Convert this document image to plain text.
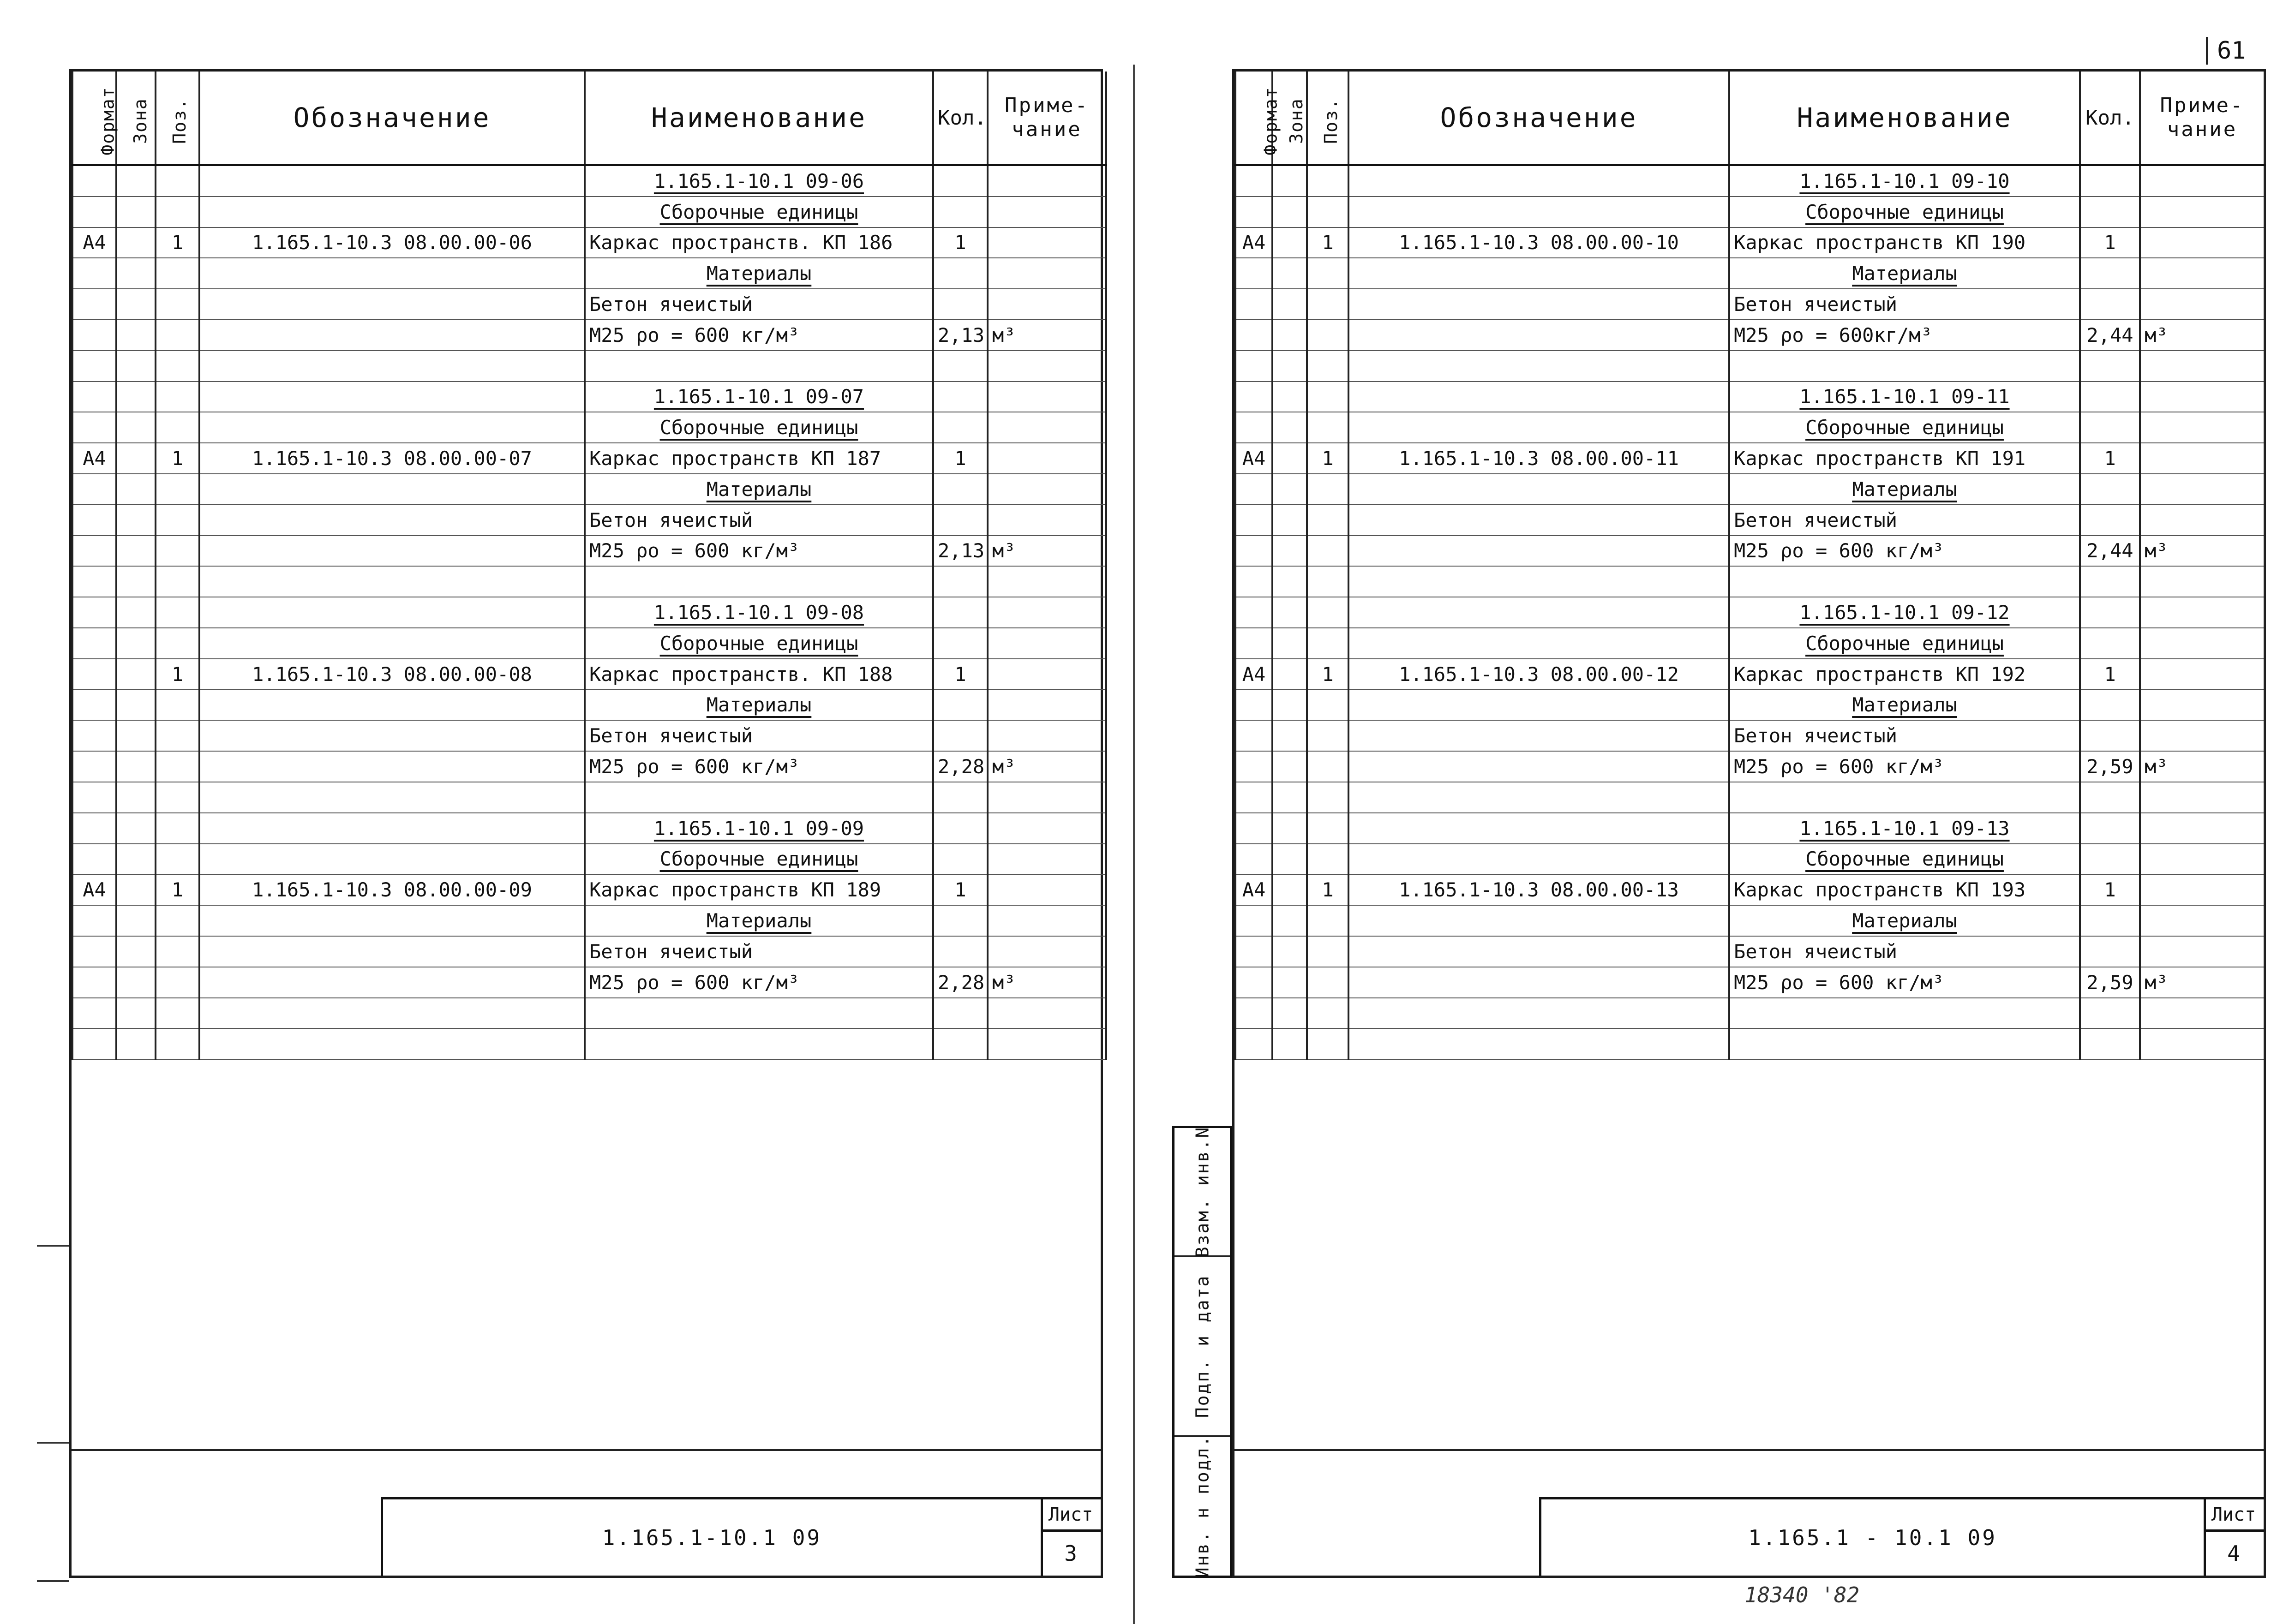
61
Формат	Зона	Поз.	Обозначение	Наименование	Кол.	Приме- чание
				1.165.1-10.1 09-06		
				Сборочные единицы		
А4		1	1.165.1-10.3 08.00.00-06	Каркас пространств. КП 186	1	
				Материалы		
				Бетон ячеистый		
				М25 ρo = 600 кг/м³	2,13	м³

				1.165.1-10.1 09-07		
				Сборочные единицы		
А4		1	1.165.1-10.3 08.00.00-07	Каркас пространств КП 187	1	
				Материалы		
				Бетон ячеистый		
				М25 ρo = 600 кг/м³	2,13	м³

				1.165.1-10.1 09-08		
				Сборочные единицы		
		1	1.165.1-10.3 08.00.00-08	Каркас пространств. КП 188	1	
				Материалы		
				Бетон ячеистый		
				М25 ρo = 600 кг/м³	2,28	м³

				1.165.1-10.1 09-09		
				Сборочные единицы		
А4		1	1.165.1-10.3 08.00.00-09	Каркас пространств КП 189	1	
				Материалы		
				Бетон ячеистый		
				М25 ρo = 600 кг/м³	2,28	м³

1.165.1-10.1 09
Лист
3
Взам. инв.N
Подп. и дата
Инв. н подл.
Формат	Зона	Поз.	Обозначение	Наименование	Кол.	Приме- чание
				1.165.1-10.1 09-10		
				Сборочные единицы		
А4		1	1.165.1-10.3 08.00.00-10	Каркас пространств КП 190	1	
				Материалы		
				Бетон ячеистый		
				М25 ρo = 600кг/м³	2,44	м³

				1.165.1-10.1 09-11		
				Сборочные единицы		
А4		1	1.165.1-10.3 08.00.00-11	Каркас пространств КП 191	1	
				Материалы		
				Бетон ячеистый		
				М25 ρo = 600 кг/м³	2,44	м³

				1.165.1-10.1 09-12		
				Сборочные единицы		
А4		1	1.165.1-10.3 08.00.00-12	Каркас пространств КП 192	1	
				Материалы		
				Бетон ячеистый		
				М25 ρo = 600 кг/м³	2,59	м³

				1.165.1-10.1 09-13		
				Сборочные единицы		
А4		1	1.165.1-10.3 08.00.00-13	Каркас пространств КП 193	1	
				Материалы		
				Бетон ячеистый		
				М25 ρo = 600 кг/м³	2,59	м³

1.165.1 - 10.1 09
Лист
4
18340 '82
